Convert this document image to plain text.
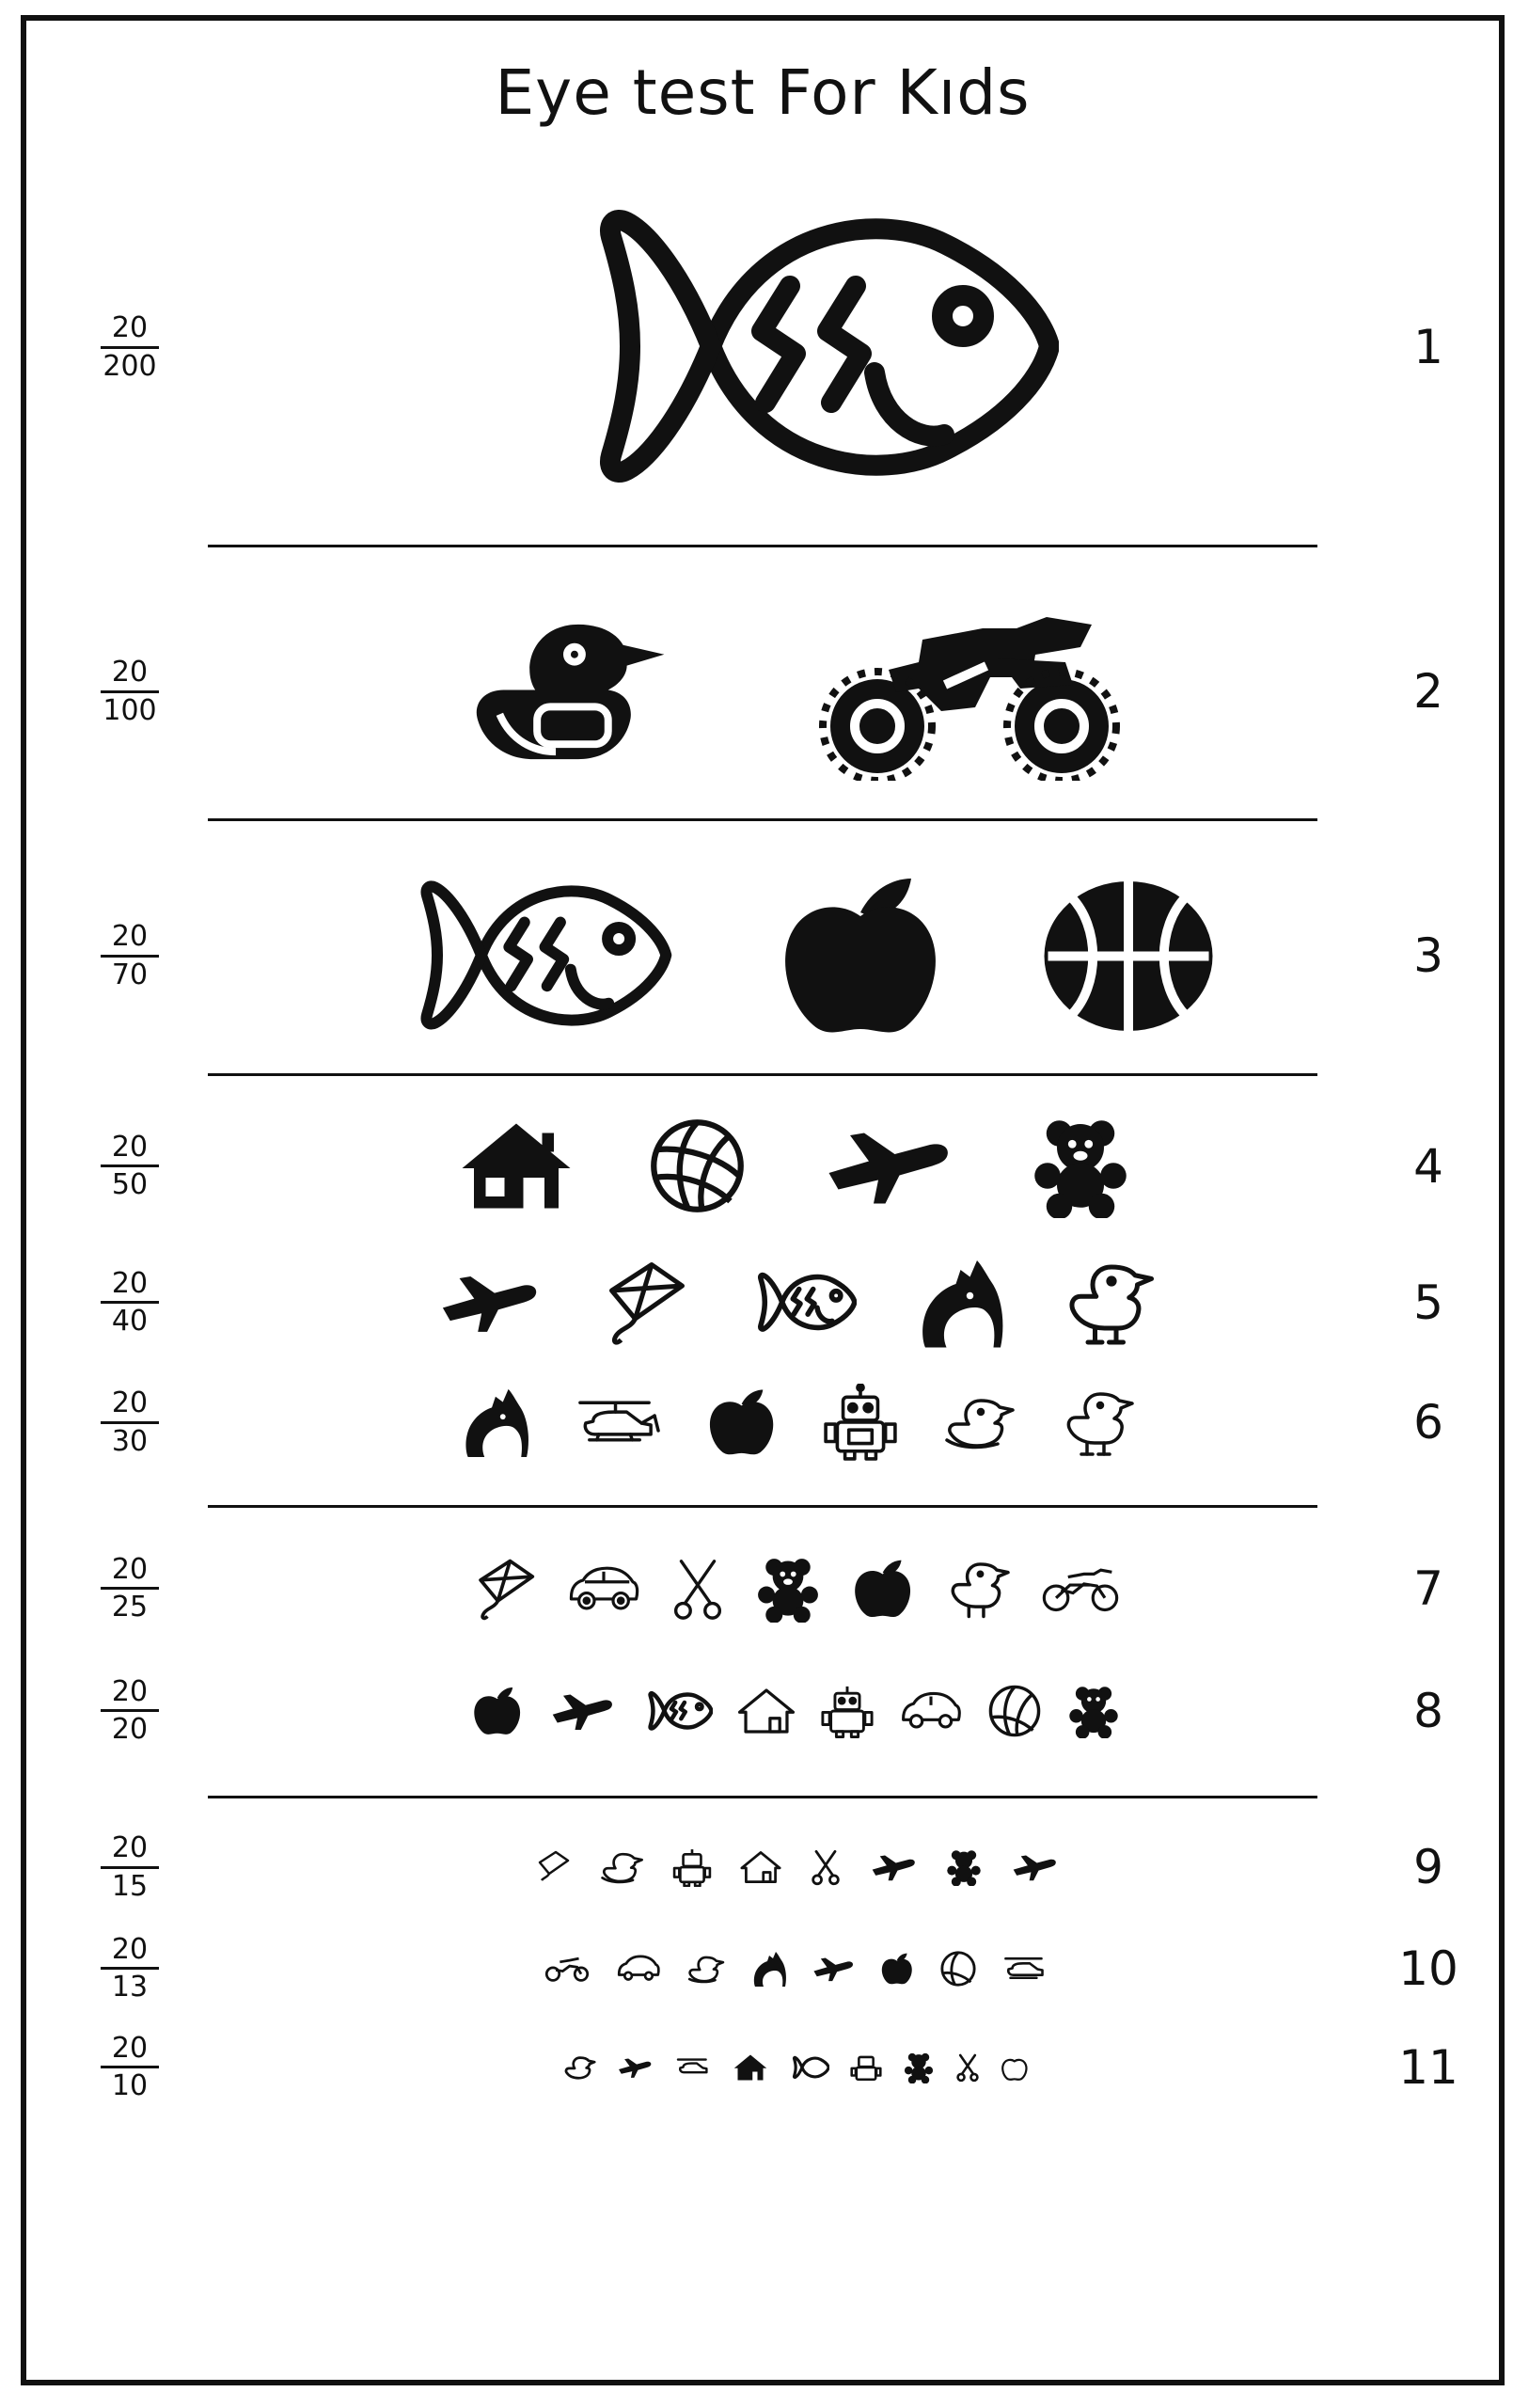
Eye test For Kıds
$\frac{20}{200}$	1
$\frac{20}{100}$	2
$\frac{20}{70}$	3
$\frac{20}{50}$	4
$\frac{20}{40}$	5
$\frac{20}{30}$	6
$\frac{20}{25}$	7
$\frac{20}{20}$	8
$\frac{20}{15}$	9
$\frac{20}{13}$	10
$\frac{20}{10}$	11
